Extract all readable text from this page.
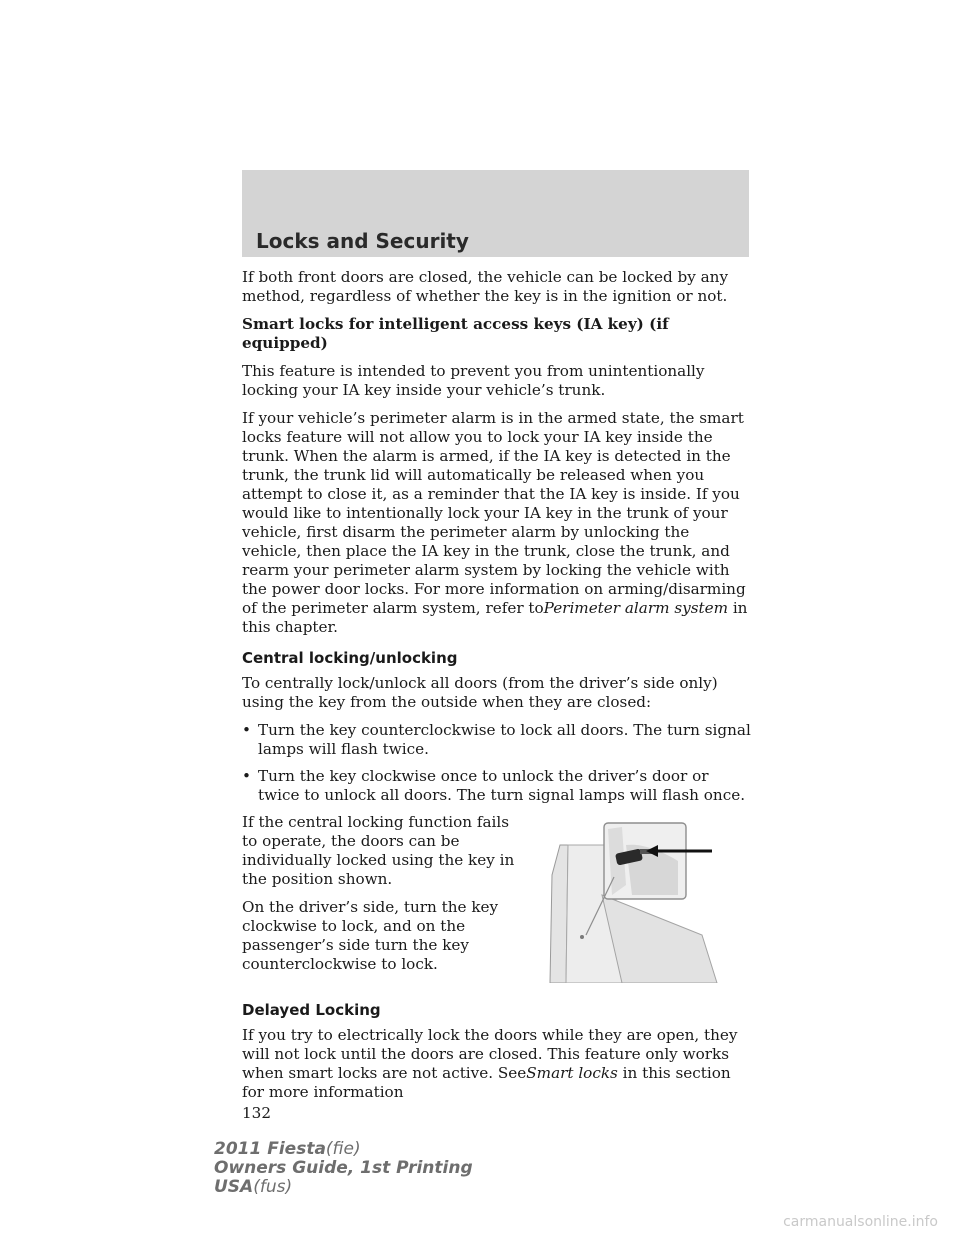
Locks and Security

If both front doors are closed, the vehicle can be locked by any method, regardless of whether the key is in the ignition or not.

Smart locks for intelligent access keys (IA key) (if equipped)

This feature is intended to prevent you from unintentionally locking your IA key inside your vehicle’s trunk.

If your vehicle’s perimeter alarm is in the armed state, the smart locks feature will not allow you to lock your IA key inside the trunk. When the alarm is armed, if the IA key is detected in the trunk, the trunk lid will automatically be released when you attempt to close it, as a reminder that the IA key is inside. If you would like to intentionally lock your IA key in the trunk of your vehicle, first disarm the perimeter alarm by unlocking the vehicle, then place the IA key in the trunk, close the trunk, and rearm your perimeter alarm system by locking the vehicle with the power door locks. For more information on arming/disarming of the perimeter alarm system, refer toPerimeter alarm system in this chapter.

Central locking/unlocking

To centrally lock/unlock all doors (from the driver’s side only) using the key from the outside when they are closed:

• Turn the key counterclockwise to lock all doors. The turn signal lamps will flash twice.
• Turn the key clockwise once to unlock the driver’s door or twice to unlock all doors. The turn signal lamps will flash once.

If the central locking function fails to operate, the doors can be individually locked using the key in the position shown.

On the driver’s side, turn the key clockwise to lock, and on the passenger’s side turn the key counterclockwise to lock.

Delayed Locking

If you try to electrically lock the doors while they are open, they will not lock until the doors are closed. This feature only works when smart locks are not active. SeeSmart locks in this section for more information

132
2011 Fiesta(fie)
Owners Guide, 1st Printing
USA(fus)
carmanualsonline.info
